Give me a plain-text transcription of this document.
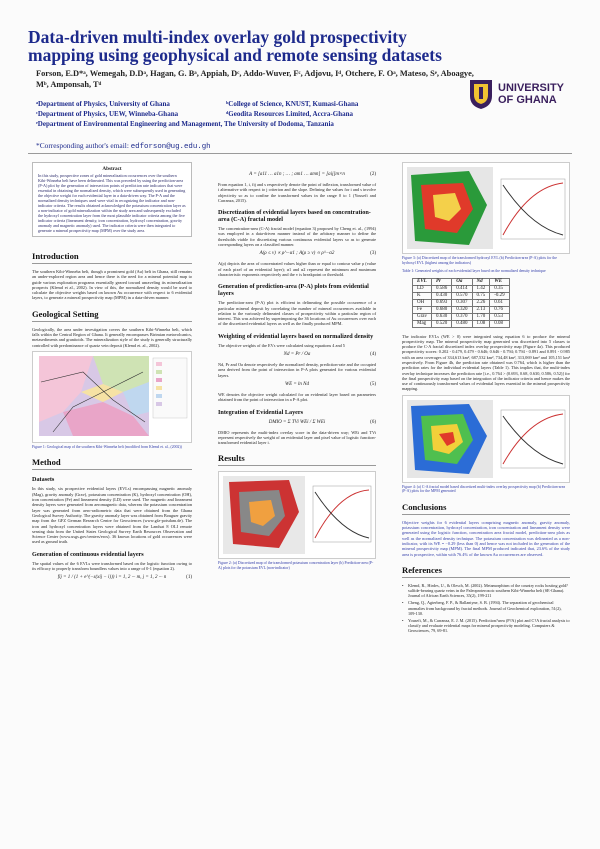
Data-driven multi-index overlay gold prospectivity mapping using geophysical and remote sensing datasets
Forson, E.D*ᵃ, Wemegah, D.Dᵃ, Hagan, G. Bᵃ, Appiah, Dᶜ, Addo-Wuver, Fᶜ, Adjovu, Iᵈ, Otchere, F. Oᵃ, Mateso, Sᵉ, Aboagye, Mᵇ, Amponsah, Tᵈ	UNIVERSITY
OF GHANA
ᵃDepartment of Physics, University of Ghana	ᵇCollege of Science, KNUST, Kumasi-Ghana
ᶜDepartment of Physics, UEW, Winneba-Ghana	ᵈGeodita Resources Limited, Accra-Ghana
ᵉDepartment of Environmental Engineering and Management, The University of Dodoma, Tanzania
*Corresponding author's email: edforson@ug.edu.gh
Abstract

In this study, prospective zones of gold mineralization occurrences over the southern Kibi-Winneba belt have been delineated. This was preceded by using the prediction-area (P-A) plot by the generation of intersection points of prediction rate indicators that were essential in obtaining the normalized density, which were subsequently used in generating the objective weight for each evidential layer in a data-driven way. The P-A and the normalized density techniques used were vital in recognizing the indicator and non-indicator criteria. The results obtained acknowledged the potassium concentration layer as a non-indicator of gold mineralization within the study area and subsequently excluded the hydroxyl concentration layer from the most plausible indicator criteria among the five indicator criteria (lineament density, iron concentration, hydroxyl concentration, gravity anomaly and magnetic anomaly) used. The indicator criteria were then integrated to generate a mineral prospectivity map (MPM) over the study area.

Introduction

The southern Kibi-Winneba belt, though a prominent gold (Au) belt in Ghana, still remains an under-explored region area and hence there is the need for a mineral potential map to guide various exploration programs essentially geared toward unraveling its mineralization prospects (Klemd et al., 2002). In view of this, the normalized density would be used to calculate the objective weights based on known Au occurrence with respect to 6 evidential layers, to generate a mineral prospectivity map (MPM) in a data-driven manner.

Geological Setting

Geologically, the area under investigation covers the southern Kibi-Winneba belt, which falls within the Central Region of Ghana. It generally encompasses Birimian metavolcanics, metasediments and granitoids. The mineralization style of the study is generally structurally controlled with predominance of quartz vein deposit (Klemd et. al., 2002).

Figure 1: Geological map of the southern Kibi-Winneba belt (modified from Klemd et. al., (2002))
Method
Datasets

In this study, six prospective evidential layers (EVLs) encompassing magnetic anomaly (Mag), gravity anomaly (Grav), potassium concentration (K), hydroxyl concentration (OH), iron concentration (Fe) and lineament density (LD) were used. The magnetic and lineament density layers were generated from aeromagnetic data, whereas the potassium concentration layer was generated from aero-radiometric data that were obtained from the Ghana Geological Survey Authority. The gravity anomaly layer was obtained from Bouguer gravity map from the GFZ German Research Centre for Geosciences (www.gfz-potsdam.de). The iron and hydroxyl concentration layers were obtained from the Landsat 8 OLI remote sensing data from the United States Geological Survey Earth Resources Observation and Science Center (www.usgs.gov/centers/eros). 36 known locations of gold occurrences were used as ground truth.

Generation of continuous evidential layers

The spatial values of the 6 EVLs were transformed based on the logistic function owing to its efficacy to properly transform boundless values into a range of 0-1 (equation 2).

fij = 1 / (1 + e^(−s(xij − i))) i = 1, 2 ··· m, j = 1, 2 ··· n	(1)
A = [a11 … a1n ; … ; am1 … amn] = [aij]m×n	(2)

From equation 1, i, fij and s respectively denote the point of inflexion, transformed value of i alternative with respect to j criterion and the slope. Defining the values for i and s involve objectivity so as to confine the transformed values in the range 0 to 1 (Yousefi and Carranza, 2015).

Discretization of evidential layers based on concentration-area (C-A) fractal model

The concentration-area (C-A) fractal model (equation 3) proposed by Cheng et. al., (1994) was employed in a data-driven manner instead of the arbitrary manner to define the thresholds viable for discretizing various continuous evidential layers so as to generate corresponding layers on a classified manner.

A(ρ ≤ v) ∝ ρ^−α1 ; A(ρ ≥ v) ∝ ρ^−α2	(3)

A(ρ) depicts the area of concentrated values higher than or equal to contour value ρ (value of each pixel of an evidential layer); α1 and α2 represent the minimum and maximum characteristic exponents respectively and the v is breakpoint or threshold.

Generation of prediction-area (P-A) plots from evidential layers

The prediction-area (P-A) plot is efficient in delineating the possible occurrence of a particular mineral deposit by correlating the number of mineral occurrences available in relation to the variously delineated classes of prospectivity within a particular region of interest. This was achieved by superimposing the 36 locations of Au occurrences over each of the discretized evidential layers as well as the finally produced MPM.

Weighting of evidential layers based on normalized density

The objective weights of the EVs were calculated using equations 4 and 5

Nd = Pr / Oa	(4)

Nd, Pr and Oa denote respectively the normalized density, prediction-rate and the occupied area derived from the point of intersection in P-A plots generated for various evidential layers.

WE = ln Nd	(5)

WE denotes the objective weight calculated for an evidential layer based on parameters obtained from the point of intersection in a P-A plot.

Integration of Evidential Layers
DMIO = Σ TVi WEi / Σ WEi	(6)

DMIO represents the multi-index overlay score in the data-driven way; WEi and TVi represent respectively the weight of an evidential layer and pixel value of logistic function-transformed evidential layer i.

Results
Figure 2: (a) Discretized map of the transformed potassium concentration layer (b) Prediction-area (P-A) plots for the potassium EVL (non-indicator)
Figure 3: (a) Discretized map of the transformed hydroxyl EVL (b) Prediction-area (P-A) plots for the hydroxyl EVL (highest among the indicators)
Table 1: Generated weights of each evidential layer based on the normalized density technique
EVL	Pr	Oa	Nd	WE
LD	0.586	0.414	1.42	0.35
K	0.430	0.570	0.75	-0.29
OH	0.693	0.307	2.26	0.61
Fe	0.680	0.320	2.13	0.76
Grav	0.630	0.370	1.70	0.53
Mag	0.520	0.480	1.08	0.08

The indicator EVLs (WE > 0) were integrated using equation 6 to produce the mineral prospectivity map. The mineral prospectivity map generated was discretized into 5 classes to produce the C-A fractal discretized index overlay prospectivity map (Figure 4a). This produced prospectivity scores: 0.202 - 0.479, 0.479 - 0.646; 0.646 - 0.794; 0.794 - 0.891 and 0.891 - 0.985 with an area coverages of 334,613 km², 687,532 km², 734,48 km², 313,069 km² and 105,151 km² respectively. From Figure 4b, the prediction rate obtained was 0.764, which is higher than the prediction rates for the individual evidential layers (Table 1). This implies that, the multi-index overlay technique increases the prediction rate [i.e., 0.764 > (0.693, 0.68, 0.630, 0.586, 0.52)] for the final prospectivity map based on the integration of the indicator criteria and hence makes the use of continuously transformed values of evidential layers essential in the mineral prospectivity mapping.

Figure 4: (a) C-A fractal model based discretized multi-index overlay prospectivity map (b) Prediction-area (P-A) plots for the MPM generated
Conclusions

Objective weights for 6 evidential layers comprising magnetic anomaly, gravity anomaly, potassium concentration, hydroxyl concentration, iron concentration and lineament density were generated using the logistic function, concentration area fractal model, prediction-area plots as well as the normalized density technique. The potassium concentration was delineated as a non-indicator, with its WE = −0.29 (less than 0) and hence was not included in the generation of the mineral prospectivity map (MPM). The final MPM produced indicated that, 23.6% of the study area is prospective, within with 76.4% of the known Au occurrences are observed.

References
• Klemd, R., Hirdes, U., & Olesch, M. (2002). Metamorphism of the country rocks hosting gold?sulfide-bearing quartz veins in the Paleoproterozoic southern Kibi-Winneba belt (SE-Ghana). Journal of African Earth Sciences, 35(2), 199-211
• Cheng, Q., Agterberg, F. P., & Ballantyne, S. B. (1994). The separation of geochemical anomalies from background by fractal methods. Journal of Geochemical exploration, 51(2), 109-130.
• Yousefi, M., & Carranza, E. J. M. (2015). Prediction?area (P?A) plot and C?A fractal analysis to classify and evaluate evidential maps for mineral prospectivity modeling. Computers & Geosciences, 79, 69-81.
